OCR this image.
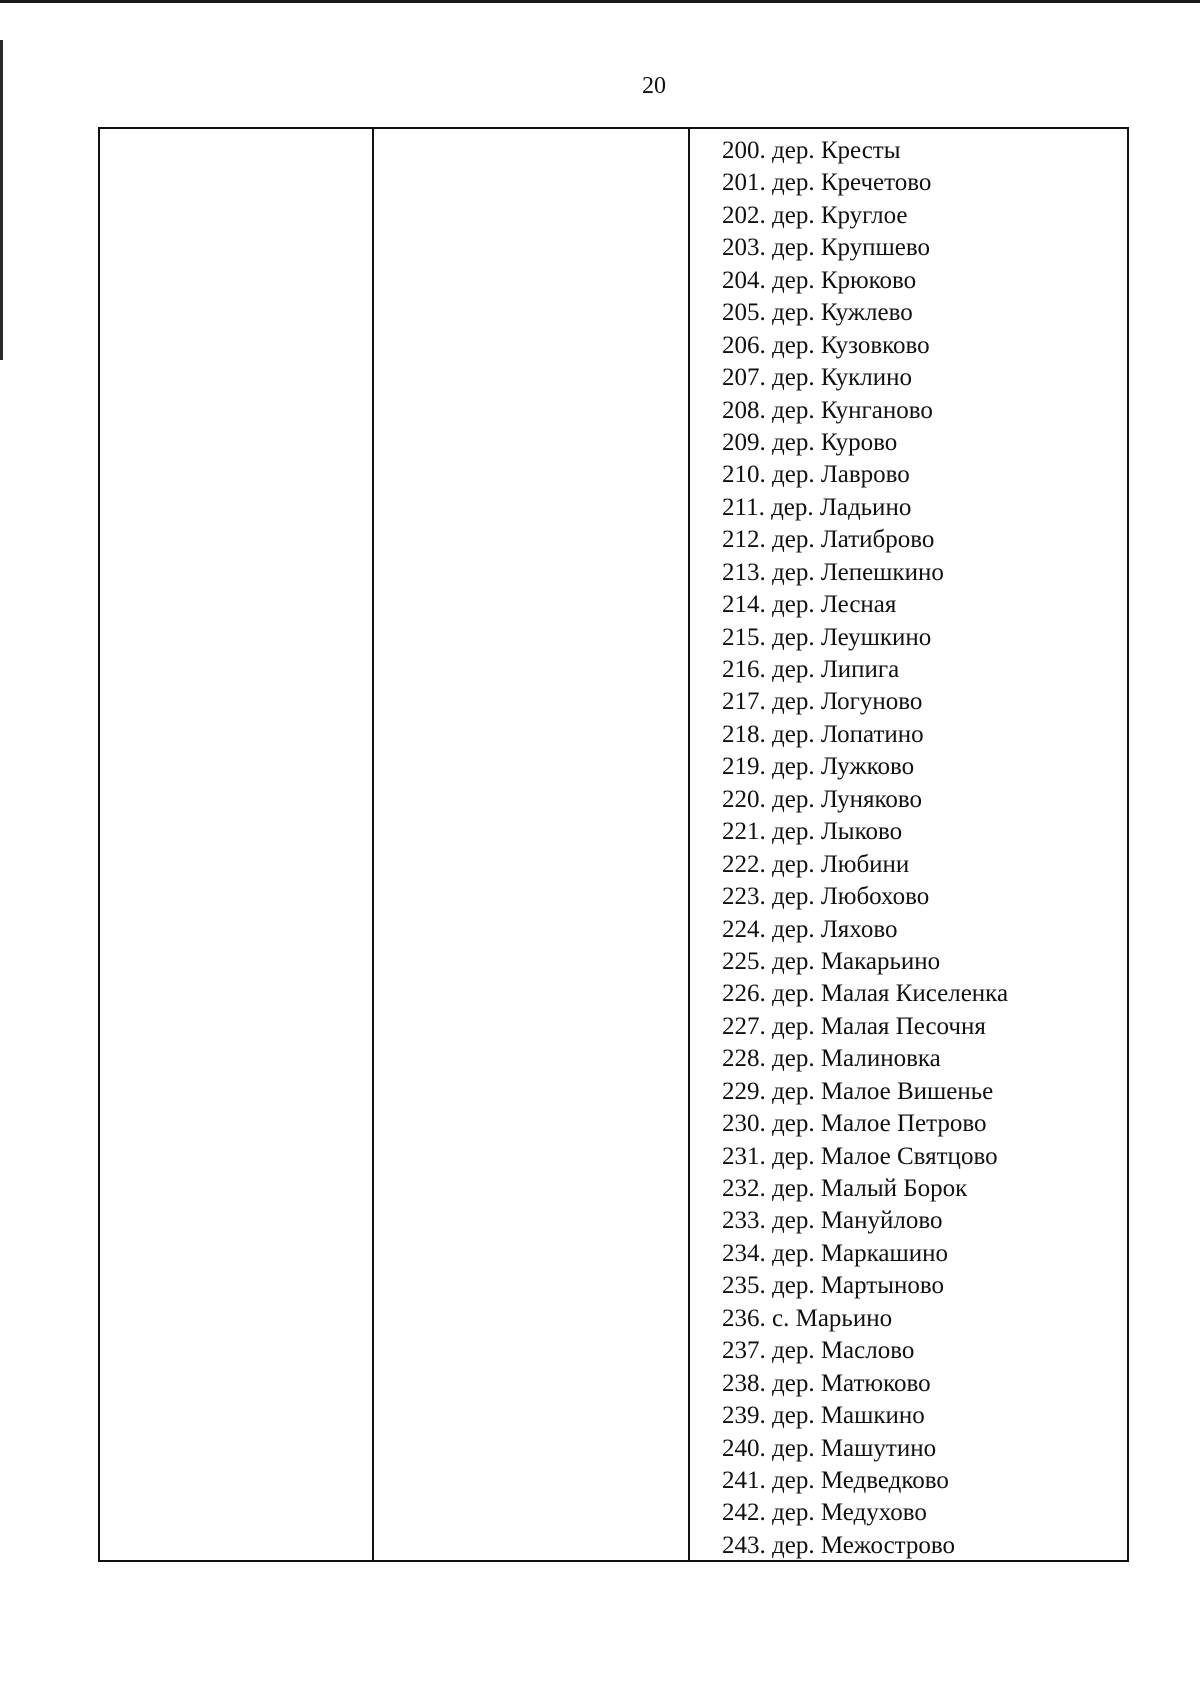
20
200. дер. Кресты
201. дер. Кречетово
202. дер. Круглое
203. дер. Крупшево
204. дер. Крюково
205. дер. Кужлево
206. дер. Кузовково
207. дер. Куклино
208. дер. Кунганово
209. дер. Курово
210. дер. Лаврово
211. дер. Ладьино
212. дер. Латиброво
213. дер. Лепешкино
214. дер. Лесная
215. дер. Леушкино
216. дер. Липига
217. дер. Логуново
218. дер. Лопатино
219. дер. Лужково
220. дер. Луняково
221. дер. Лыково
222. дер. Любини
223. дер. Любохово
224. дер. Ляхово
225. дер. Макарьино
226. дер. Малая Киселенка
227. дер. Малая Песочня
228. дер. Малиновка
229. дер. Малое Вишенье
230. дер. Малое Петрово
231. дер. Малое Святцово
232. дер. Малый Борок
233. дер. Мануйлово
234. дер. Маркашино
235. дер. Мартыново
236. с. Марьино
237. дер. Маслово
238. дер. Матюково
239. дер. Машкино
240. дер. Машутино
241. дер. Медведково
242. дер. Медухово
243. дер. Межострово
